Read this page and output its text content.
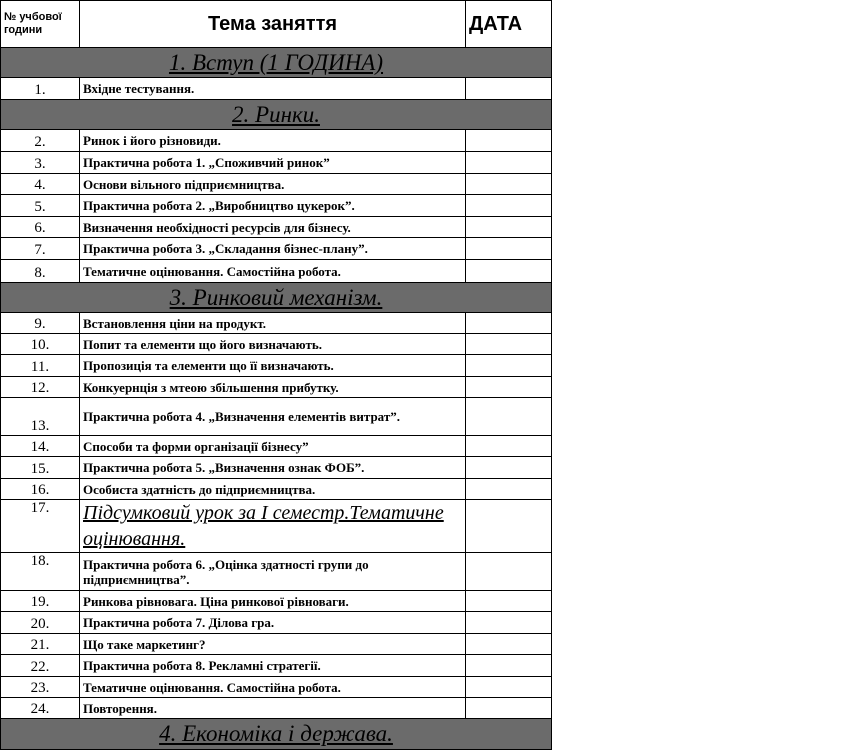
№ учбової години	Тема заняття	ДАТА
1. Вступ (1 ГОДИНА)		
1.	Вхідне тестування.	
2. Ринки.		
2.	Ринок і його різновиди.	
3.	Практична робота 1. „Споживчий ринок”	
4.	Основи вільного підприємництва.	
5.	Практична робота 2. „Виробництво цукерок”.	
6.	Визначення необхідності ресурсів для бізнесу.	
7.	Практична робота 3. „Складання бізнес-плану”.	
8.	Тематичне оцінювання. Самостійна робота.	
3. Ринковий механізм.		
9.	Встановлення ціни на продукт.	
10.	Попит та елементи що його визначають.	
11.	Пропозиція та елементи що її визначають.	
12.	Конкуернція з мтеою збільшення прибутку.	
13.	Практична робота 4. „Визначення елементів витрат”.	
14.	Способи та форми організації бізнесу”	
15.	Практична робота 5. „Визначення ознак ФОБ”.	
16.	Особиста здатність до підприємництва.	
17.	Підсумковий урок за І семестр.Тематичне оцінювання.	
18.	Практична робота 6. „Оцінка здатності групи до підприємництва”.	
19.	Ринкова рівновага. Ціна ринкової рівноваги.	
20.	Практична робота 7. Ділова гра.	
21.	Що таке маркетинг?	
22.	Практична робота 8. Рекламні стратегії.	
23.	Тематичне оцінювання. Самостійна робота.	
24.	Повторення.	
4. Економіка і держава.		
